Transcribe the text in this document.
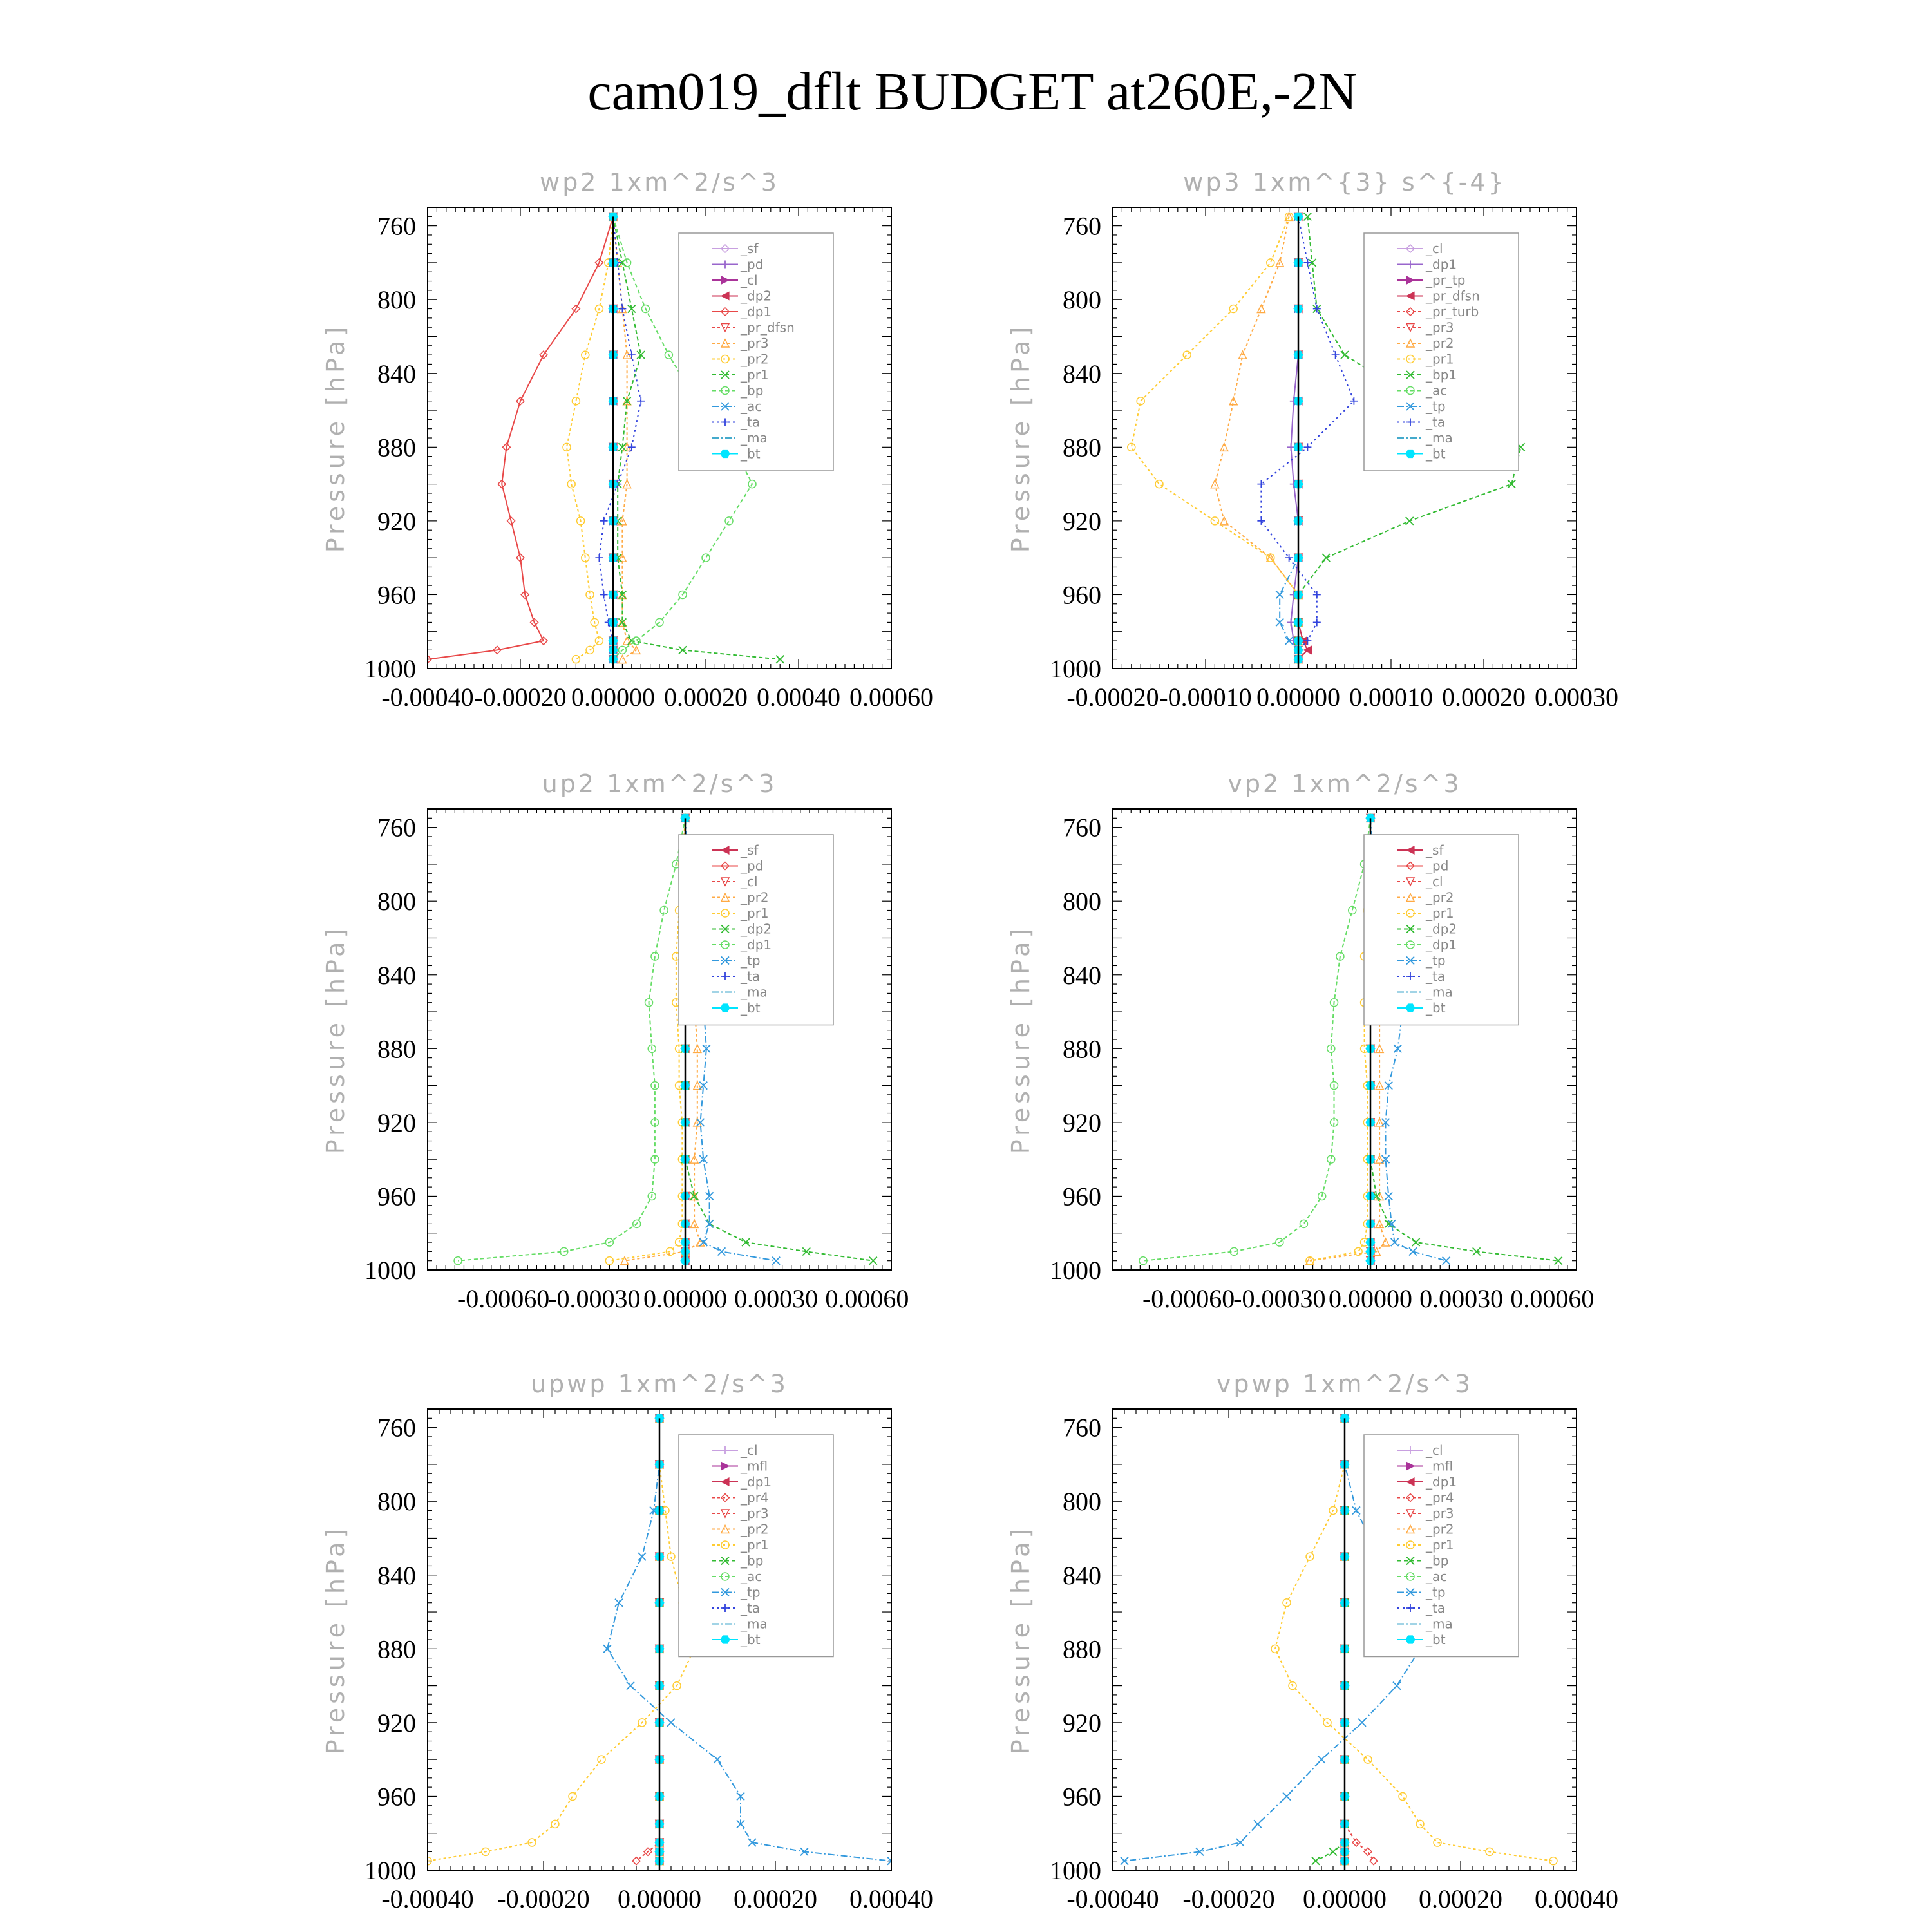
cam019_dflt BUDGET at260E,-2N
wp2 1xm^2/s^3
Pressure [hPa]
760
800
840
880
920
960
1000
-0.00040 -0.00020 0.00000 0.00020 0.00040 0.00060
_sf
_pd
_cl
_dp2
_dp1
_pr_dfsn
_pr3
_pr2
_pr1
_bp
_ac
_ta
_ma
_bt
wp3 1xm^{3} s^{-4}
Pressure [hPa]
760
800
840
880
920
960
1000
-0.00020 -0.00010 0.00000 0.00010 0.00020 0.00030
_cl
_dp1
_pr_tp
_pr_dfsn
_pr_turb
_pr3
_pr2
_pr1
_bp1
_ac
_tp
_ta
_ma
_bt
up2 1xm^2/s^3
Pressure [hPa]
760
800
840
880
920
960
1000
-0.00060
-0.00030 0.00000 0.00030 0.00060
_sf
_pd
_cl
_pr2
_pr1
_dp2
_dp1
_tp
_ta
_ma
_bt
vp2 1xm^2/s^3
Pressure [hPa]
760
800
840
880
920
960
1000
-0.00060
-0.00030 0.00000 0.00030 0.00060
_sf
_pd
_cl
_pr2
_pr1
_dp2
_dp1
_tp
_ta
_ma
_bt
upwp 1xm^2/s^3
Pressure [hPa]
760
800
840
880
920
960
1000
-0.00040 -0.00020 0.00000 0.00020 0.00040
_cl
_mfl
_dp1
_pr4
_pr3
_pr2
_pr1
_bp
_ac
_tp
_ta
_ma
_bt
vpwp 1xm^2/s^3
Pressure [hPa]
760
800
840
880
920
960
1000
-0.00040 -0.00020 0.00000 0.00020 0.00040
_cl
_mfl
_dp1
_pr4
_pr3
_pr2
_pr1
_bp
_ac
_tp
_ta
_ma
_bt
